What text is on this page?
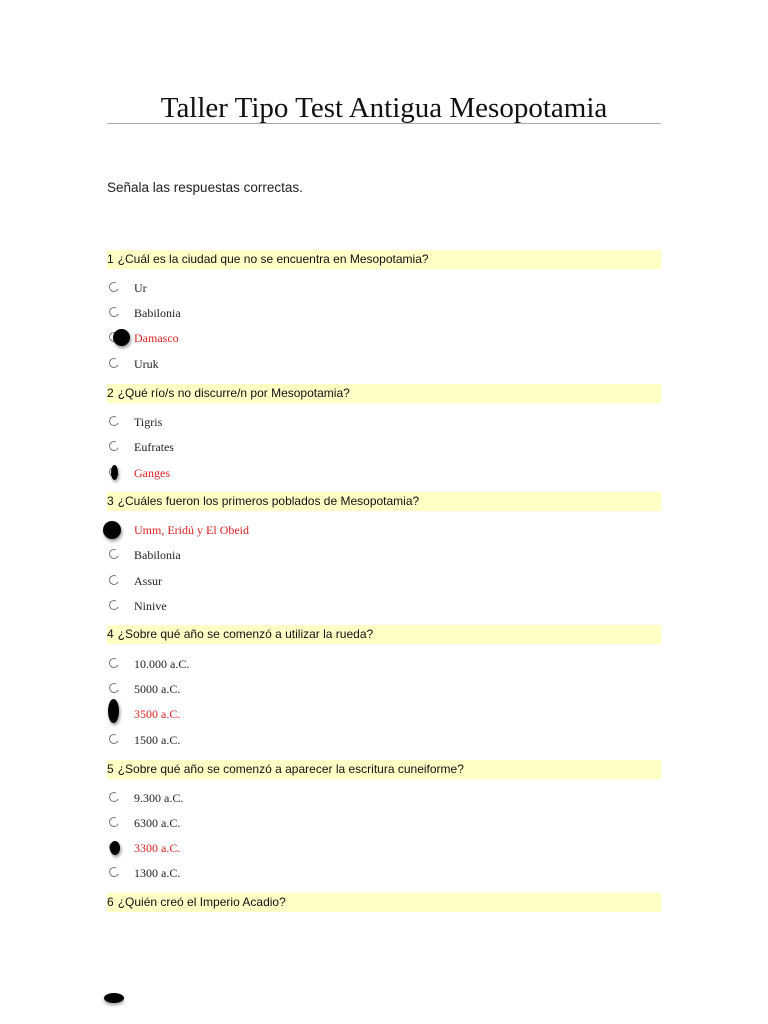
Taller Tipo Test Antigua Mesopotamia
Señala las respuestas correctas.
1 ¿Cuál es la ciudad que no se encuentra en Mesopotamia?
Ur
Babilonia
Damasco
Uruk
2 ¿Qué río/s no discurre/n por Mesopotamia?
Tigris
Eufrates
Ganges
3 ¿Cuáles fueron los primeros poblados de Mesopotamia?
Umm, Eridú y El Obeid
Babilonia
Assur
Ninive
4 ¿Sobre qué año se comenzó a utilizar la rueda?
10.000 a.C.
5000 a.C.
3500 a.C.
1500 a.C.
5 ¿Sobre qué año se comenzó a aparecer la escritura cuneiforme?
9.300 a.C.
6300 a.C.
3300 a.C.
1300 a.C.
6 ¿Quién creó el Imperio Acadio?
